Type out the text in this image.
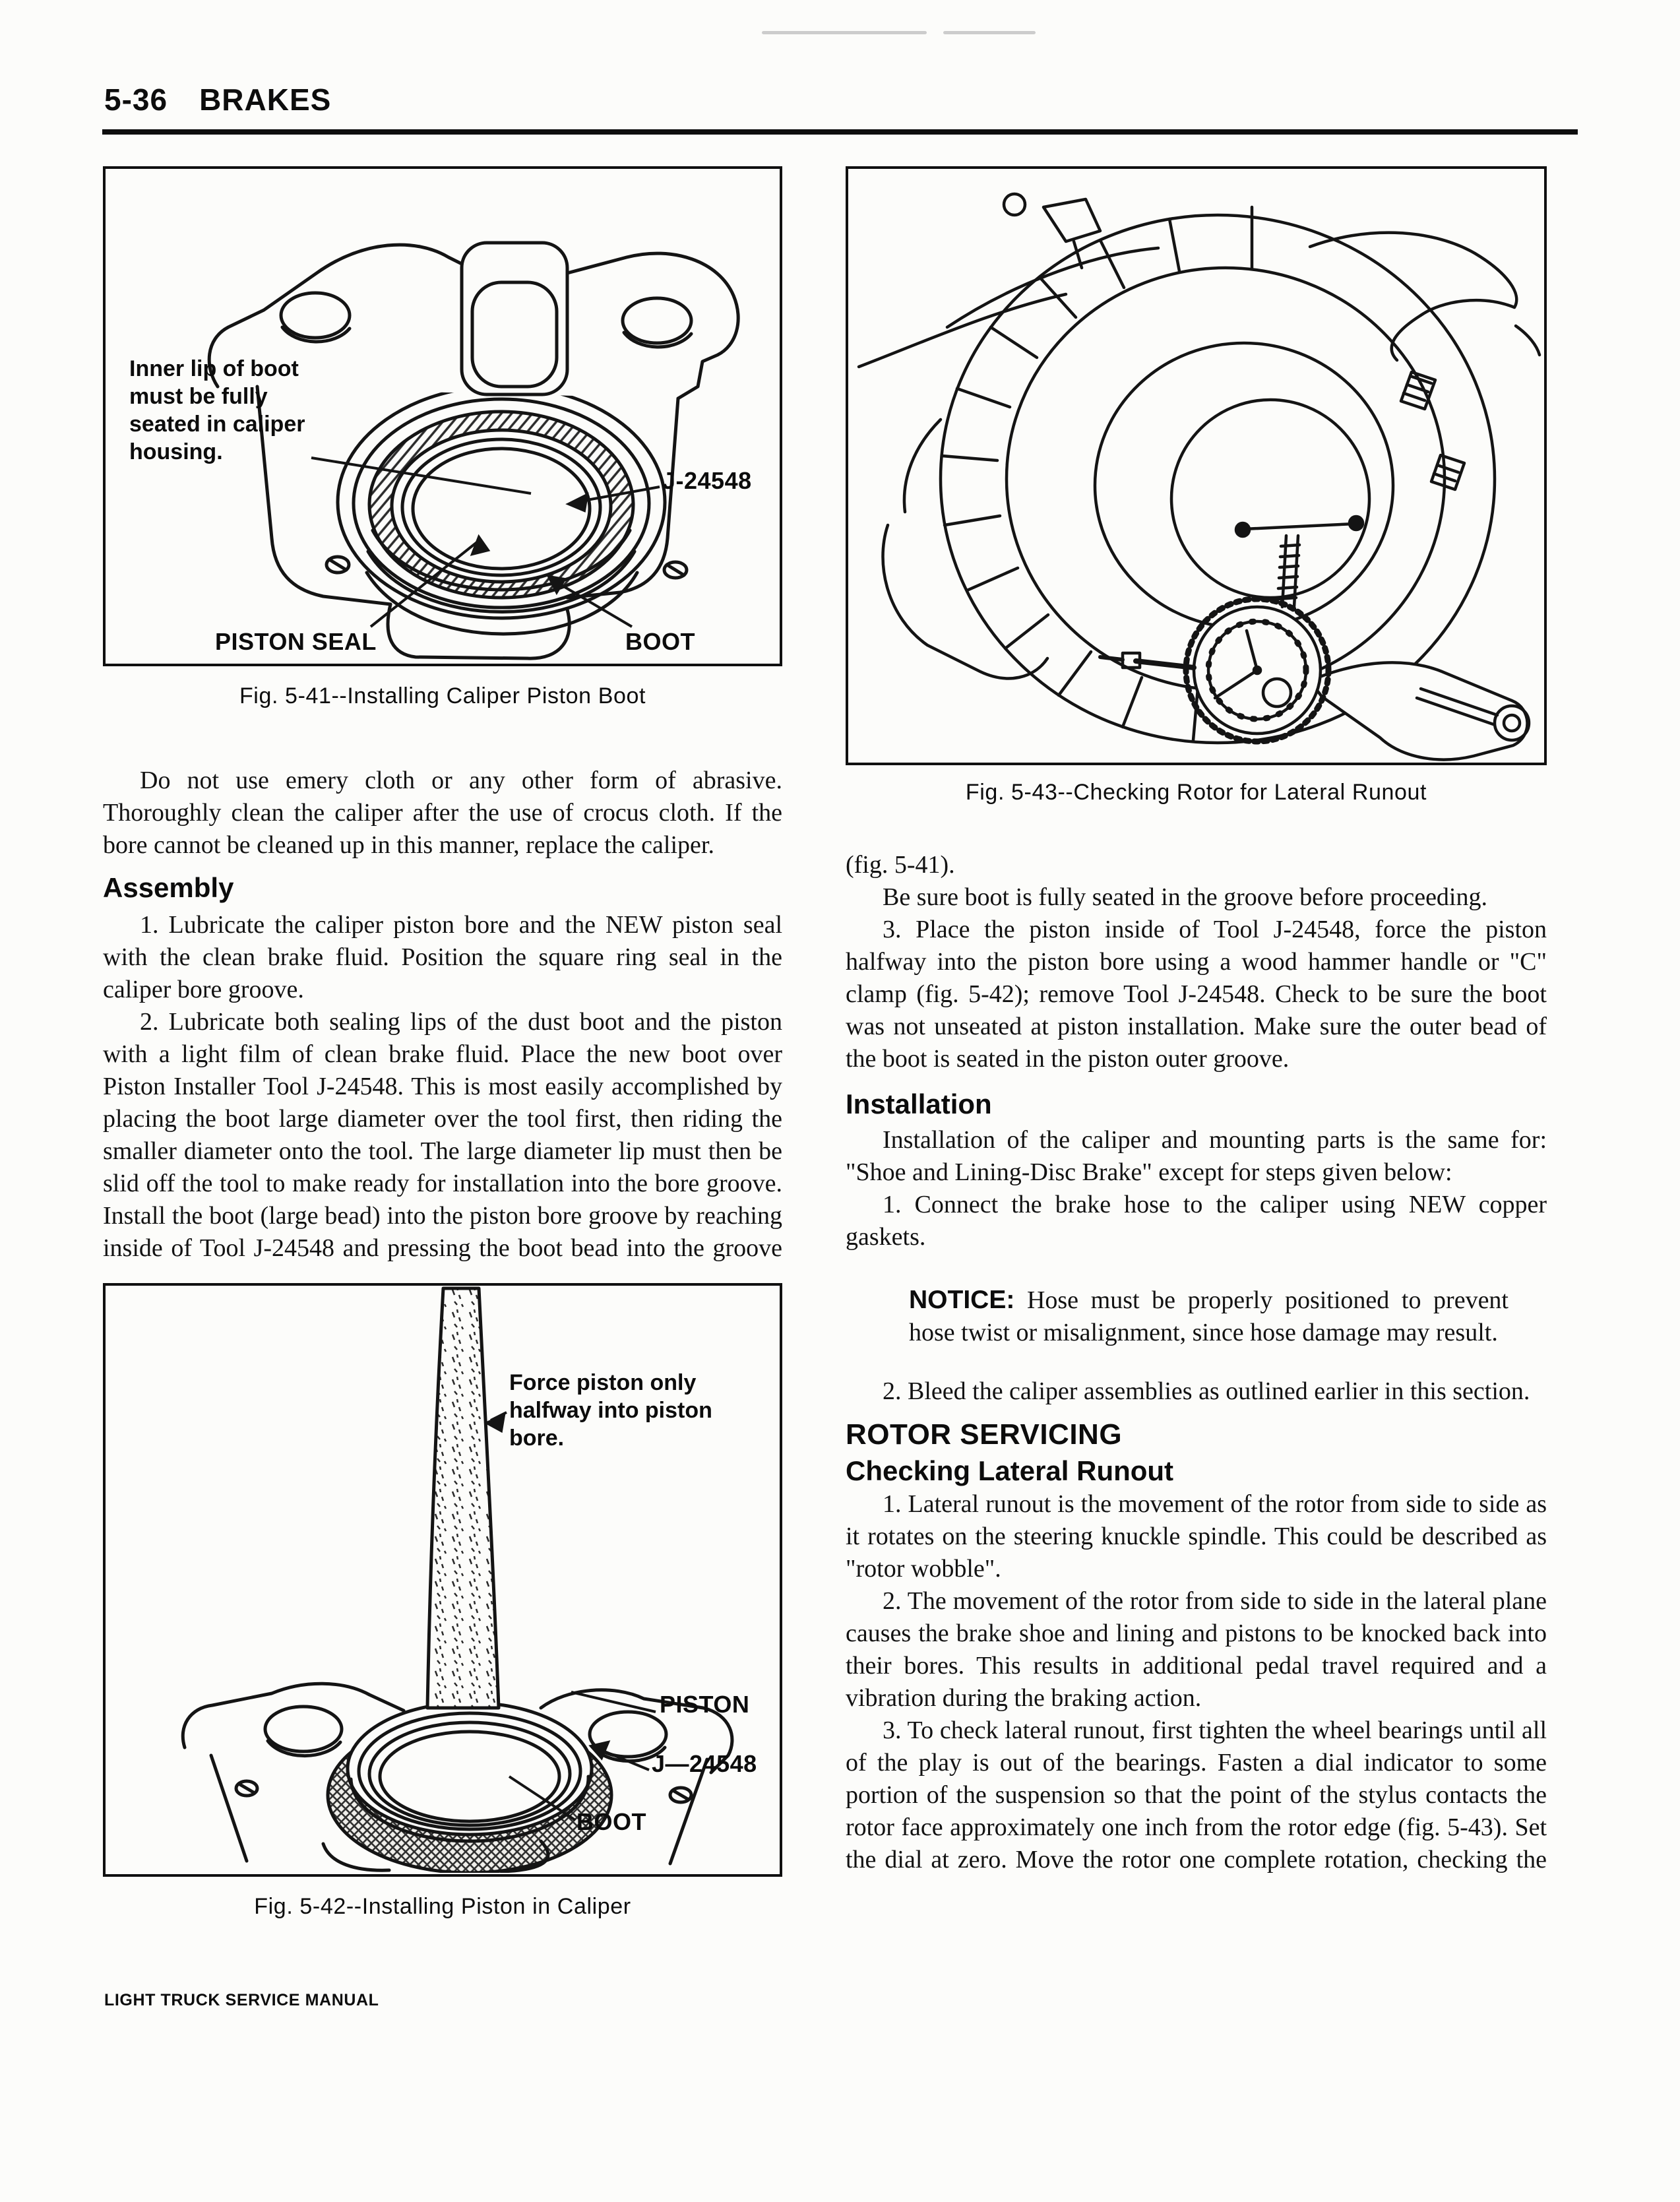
5-36 BRAKES
Inner lip of boot must be fully seated in caliper housing.
J-24548
PISTON SEAL	BOOT
Fig. 5-41--Installing Caliper Piston Boot

Do not use emery cloth or any other form of abrasive. Thoroughly clean the caliper after the use of crocus cloth. If the bore cannot be cleaned up in this manner, replace the caliper.

Assembly

1. Lubricate the caliper piston bore and the NEW piston seal with the clean brake fluid. Position the square ring seal in the caliper bore groove.

2. Lubricate both sealing lips of the dust boot and the piston with a light film of clean brake fluid. Place the new boot over Piston Installer Tool J-24548. This is most easily accomplished by placing the boot large diameter over the tool first, then riding the smaller diameter onto the tool. The large diameter lip must then be slid off the tool to make ready for installation into the bore groove. Install the boot (large bead) into the piston bore groove by reaching inside of Tool J-24548 and pressing the boot bead into the groove

Force piston only halfway into piston bore.
PISTON
J—24548
BOOT
Fig. 5-42--Installing Piston in Caliper
Fig. 5-43--Checking Rotor for Lateral Runout

(fig. 5-41).

Be sure boot is fully seated in the groove before proceeding.

3. Place the piston inside of Tool J-24548, force the piston halfway into the piston bore using a wood hammer handle or "C" clamp (fig. 5-42); remove Tool J-24548. Check to be sure the boot was not unseated at piston installation. Make sure the outer bead of the boot is seated in the piston outer groove.

Installation

Installation of the caliper and mounting parts is the same for: "Shoe and Lining-Disc Brake" except for steps given below:

1. Connect the brake hose to the caliper using NEW copper gaskets.

NOTICE: Hose must be properly positioned to prevent hose twist or misalignment, since hose damage may result.

2. Bleed the caliper assemblies as outlined earlier in this section.

ROTOR SERVICING
Checking Lateral Runout

1. Lateral runout is the movement of the rotor from side to side as it rotates on the steering knuckle spindle. This could be described as "rotor wobble".

2. The movement of the rotor from side to side in the lateral plane causes the brake shoe and lining and pistons to be knocked back into their bores. This results in additional pedal travel required and a vibration during the braking action.

3. To check lateral runout, first tighten the wheel bearings until all of the play is out of the bearings. Fasten a dial indicator to some portion of the suspension so that the point of the stylus contacts the rotor face approximately one inch from the rotor edge (fig. 5-43). Set the dial at zero. Move the rotor one complete rotation, checking the

LIGHT TRUCK SERVICE MANUAL
